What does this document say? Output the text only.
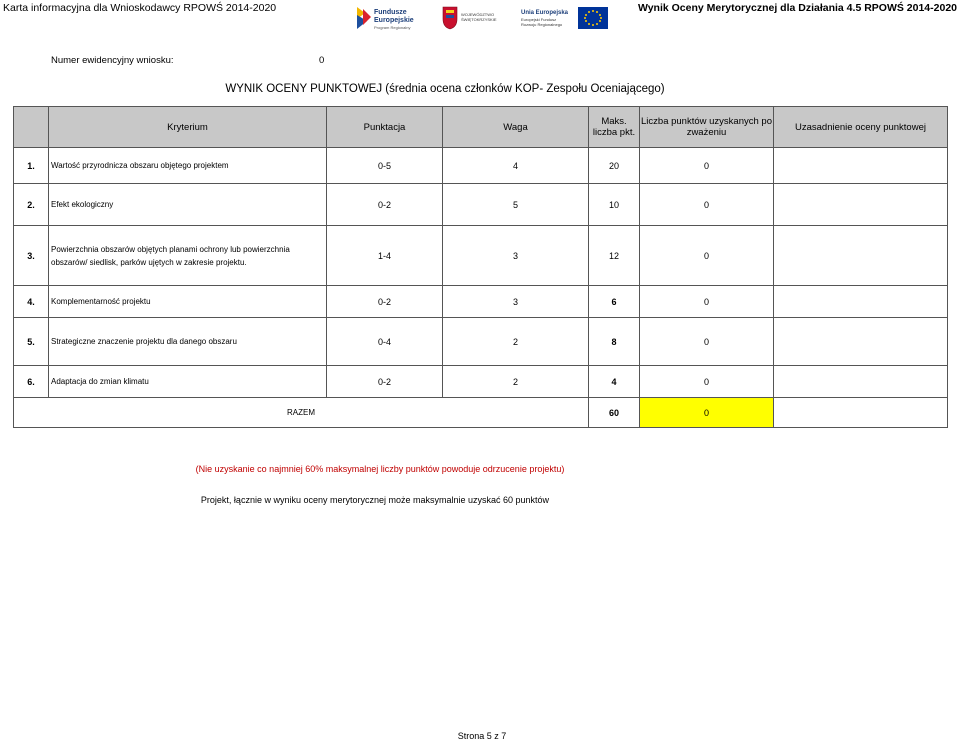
Karta informacyjna dla Wnioskodawcy RPOWŚ 2014-2020	Wynik Oceny Merytorycznej dla Działania 4.5 RPOWŚ 2014-2020
Fundusze
Europejskie
Program Regionalny
WOJEWÓDZTWO
ŚWIĘTOKRZYSKIE
Unia Europejska
Europejski Fundusz
Rozwoju Regionalnego
Numer ewidencyjny wniosku:	0
WYNIK OCENY PUNKTOWEJ (średnia ocena członków KOP- Zespołu Oceniającego)
	Kryterium	Punktacja	Waga	Maks. liczba pkt.	Liczba punktów uzyskanych po zważeniu	Uzasadnienie oceny punktowej
1.	Wartość przyrodnicza obszaru objętego projektem	0-5	4	20	0	
2.	Efekt ekologiczny	0-2	5	10	0	
3.	Powierzchnia obszarów objętych planami ochrony lub powierzchnia obszarów/ siedlisk, parków ujętych w zakresie projektu.	1-4	3	12	0	
4.	Komplementarność projektu	0-2	3	6	0	
5.	Strategiczne znaczenie projektu dla danego obszaru	0-4	2	8	0	
6.	Adaptacja do zmian klimatu	0-2	2	4	0	
RAZEM				60	0	
(Nie uzyskanie co najmniej 60% maksymalnej liczby punktów powoduje odrzucenie projektu)
Projekt, łącznie w wyniku oceny merytorycznej może maksymalnie uzyskać 60 punktów
Strona 5 z 7
